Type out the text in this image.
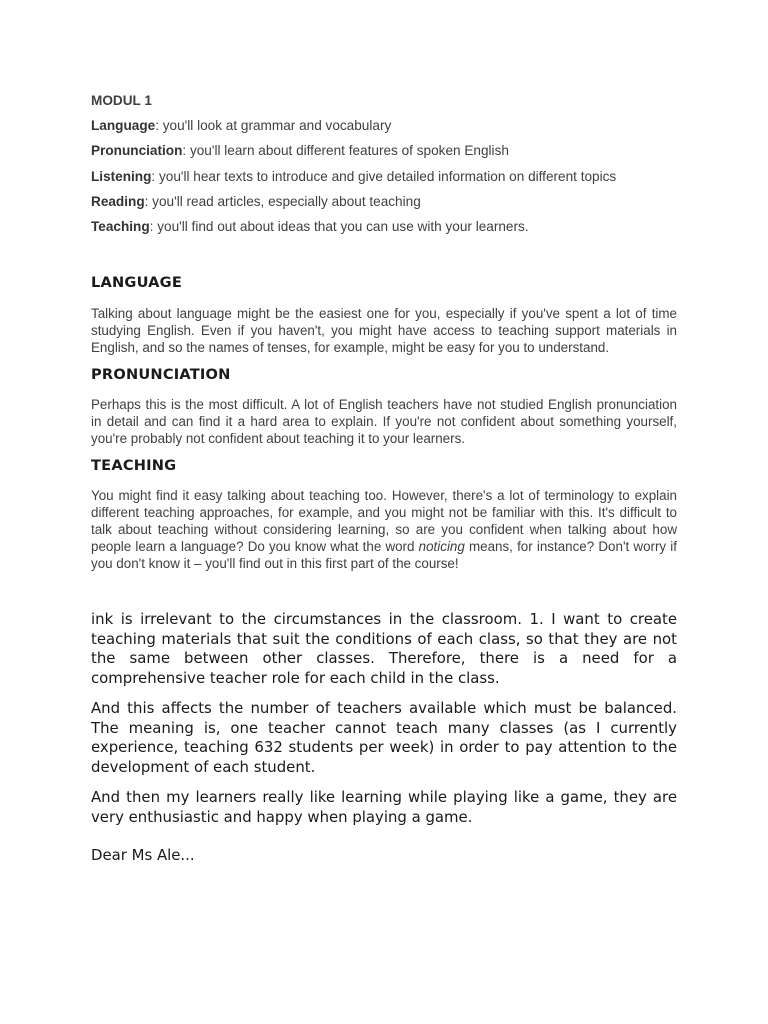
MODUL 1

Language: you'll look at grammar and vocabulary
Pronunciation: you'll learn about different features of spoken English
Listening: you'll hear texts to introduce and give detailed information on different topics
Reading: you'll read articles, especially about teaching
Teaching: you'll find out about ideas that you can use with your learners.
LANGUAGE

Talking about language might be the easiest one for you, especially if you've spent a lot of time studying English. Even if you haven't, you might have access to teaching support materials in English, and so the names of tenses, for example, might be easy for you to understand.

PRONUNCIATION

Perhaps this is the most difficult. A lot of English teachers have not studied English pronunciation in detail and can find it a hard area to explain. If you're not confident about something yourself, you're probably not confident about teaching it to your learners.

TEACHING

You might find it easy talking about teaching too. However, there's a lot of terminology to explain different teaching approaches, for example, and you might not be familiar with this. It's difficult to talk about teaching without considering learning, so are you confident when talking about how people learn a language? Do you know what the word noticing means, for instance? Don't worry if you don't know it – you'll find out in this first part of the course!

ink is irrelevant to the circumstances in the classroom. 1. I want to create teaching materials that suit the conditions of each class, so that they are not the same between other classes. Therefore, there is a need for a comprehensive teacher role for each child in the class.

And this affects the number of teachers available which must be balanced. The meaning is, one teacher cannot teach many classes (as I currently experience, teaching 632 students per week) in order to pay attention to the development of each student.

And then my learners really like learning while playing like a game, they are very enthusiastic and happy when playing a game.

Dear Ms Ale...
